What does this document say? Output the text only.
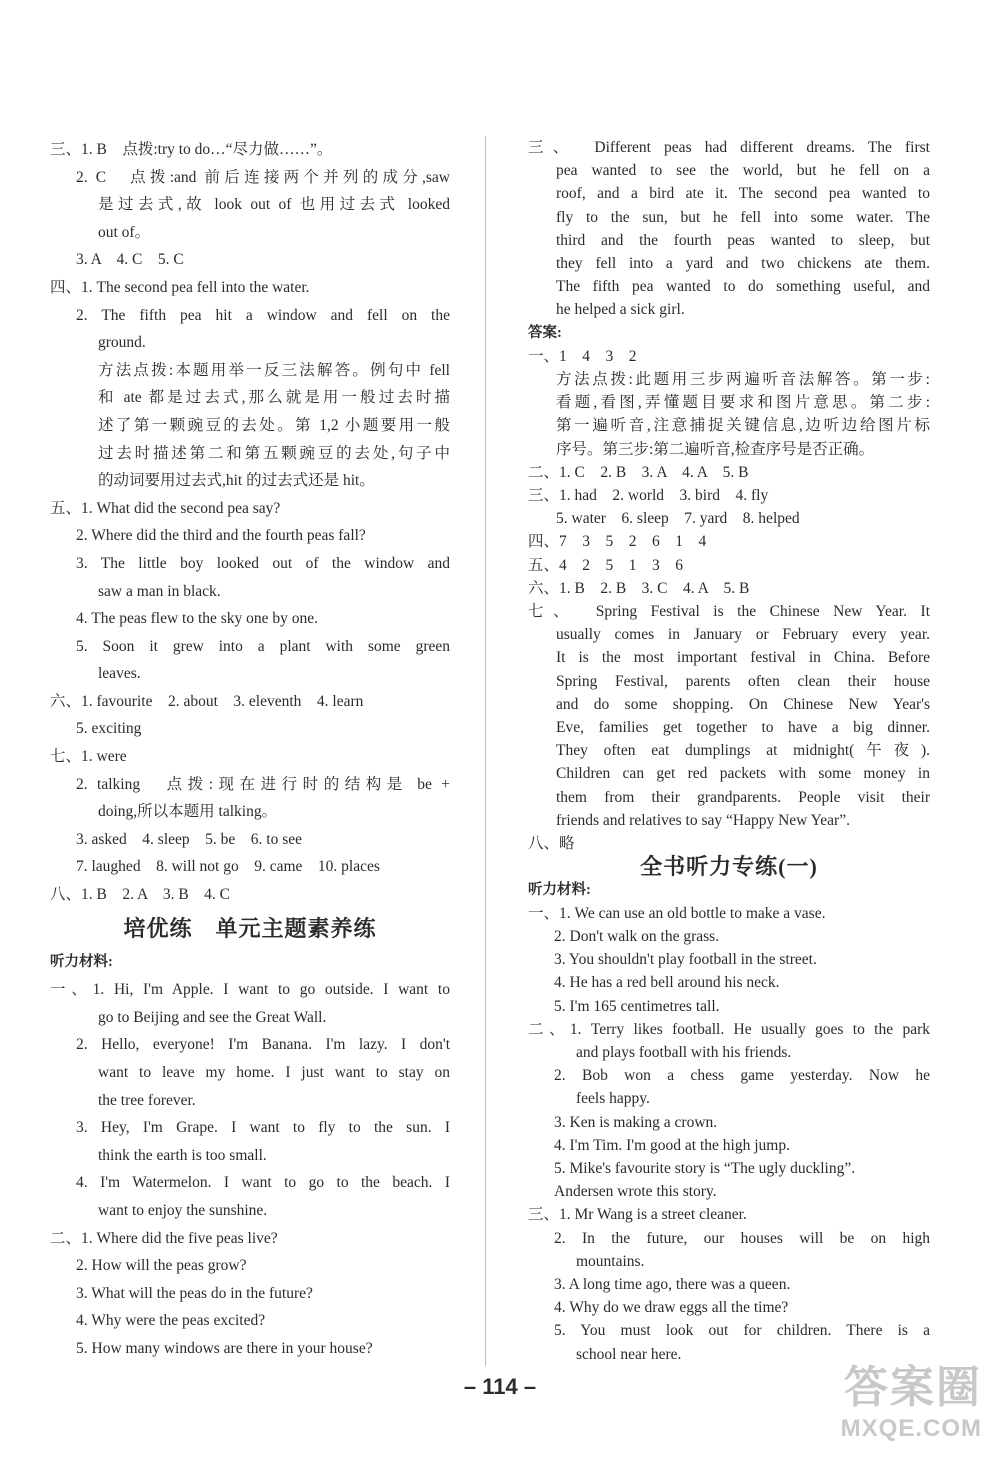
三、1. B　点拨:try to do…“尽力做……”。
2. C　点拨:and 前后连接两个并列的成分,saw
是过去式,故 look out of 也用过去式 looked
out of。
3. A　4. C　5. C
四、1. The second pea fell into the water.
2. The fifth pea hit a window and fell on the
ground.
方法点拨:本题用举一反三法解答。例句中 fell
和 ate 都是过去式,那么就是用一般过去时描
述了第一颗豌豆的去处。第 1,2 小题要用一般
过去时描述第二和第五颗豌豆的去处,句子中
的动词要用过去式,hit 的过去式还是 hit。
五、1. What did the second pea say?
2. Where did the third and the fourth peas fall?
3. The little boy looked out of the window and
saw a man in black.
4. The peas flew to the sky one by one.
5. Soon it grew into a plant with some green
leaves.
六、1. favourite　2. about　3. eleventh　4. learn
5. exciting
七、1. were
2. talking　点拨:现在进行时的结构是 be +
doing,所以本题用 talking。
3. asked　4. sleep　5. be　6. to see
7. laughed　8. will not go　9. came　10. places
八、1. B　2. A　3. B　4. C
培优练　单元主题素养练
听力材料:
一、1. Hi, I'm Apple. I want to go outside. I want to
go to Beijing and see the Great Wall.
2. Hello, everyone! I'm Banana. I'm lazy. I don't
want to leave my home. I just want to stay on
the tree forever.
3. Hey, I'm Grape. I want to fly to the sun. I
think the earth is too small.
4. I'm Watermelon. I want to go to the beach. I
want to enjoy the sunshine.
二、1. Where did the five peas live?
2. How will the peas grow?
3. What will the peas do in the future?
4. Why were the peas excited?
5. How many windows are there in your house?
三、　Different peas had different dreams. The first
pea wanted to see the world, but he fell on a
roof, and a bird ate it. The second pea wanted to
fly to the sun, but he fell into some water. The
third and the fourth peas wanted to sleep, but
they fell into a yard and two chickens ate them.
The fifth pea wanted to do something useful, and
he helped a sick girl.
答案:
一、1　4　3　2
方法点拨:此题用三步两遍听音法解答。第一步:
看题,看图,弄懂题目要求和图片意思。第二步:
第一遍听音,注意捕捉关键信息,边听边给图片标
序号。第三步:第二遍听音,检查序号是否正确。
二、1. C　2. B　3. A　4. A　5. B
三、1. had　2. world　3. bird　4. fly
5. water　6. sleep　7. yard　8. helped
四、7　3　5　2　6　1　4
五、4　2　5　1　3　6
六、1. B　2. B　3. C　4. A　5. B
七、　Spring Festival is the Chinese New Year. It
usually comes in January or February every year.
It is the most important festival in China. Before
Spring Festival, parents often clean their house
and do some shopping. On Chinese New Year's
Eve, families get together to have a big dinner.
They often eat dumplings at midnight(午夜).
Children can get red packets with some money in
them from their grandparents. People visit their
friends and relatives to say “Happy New Year”.
八、略
全书听力专练(一)
听力材料:
一、1. We can use an old bottle to make a vase.
2. Don't walk on the grass.
3. You shouldn't play football in the street.
4. He has a red bell around his neck.
5. I'm 165 centimetres tall.
二、1. Terry likes football. He usually goes to the park
and plays football with his friends.
2. Bob won a chess game yesterday. Now he
feels happy.
3. Ken is making a crown.
4. I'm Tim. I'm good at the high jump.
5. Mike's favourite story is “The ugly duckling”.
Andersen wrote this story.
三、1. Mr Wang is a street cleaner.
2. In the future, our houses will be on high
mountains.
3. A long time ago, there was a queen.
4. Why do we draw eggs all the time?
5. You must look out for children. There is a
school near here.
– 114 –	答案圈
MXQE.COM
